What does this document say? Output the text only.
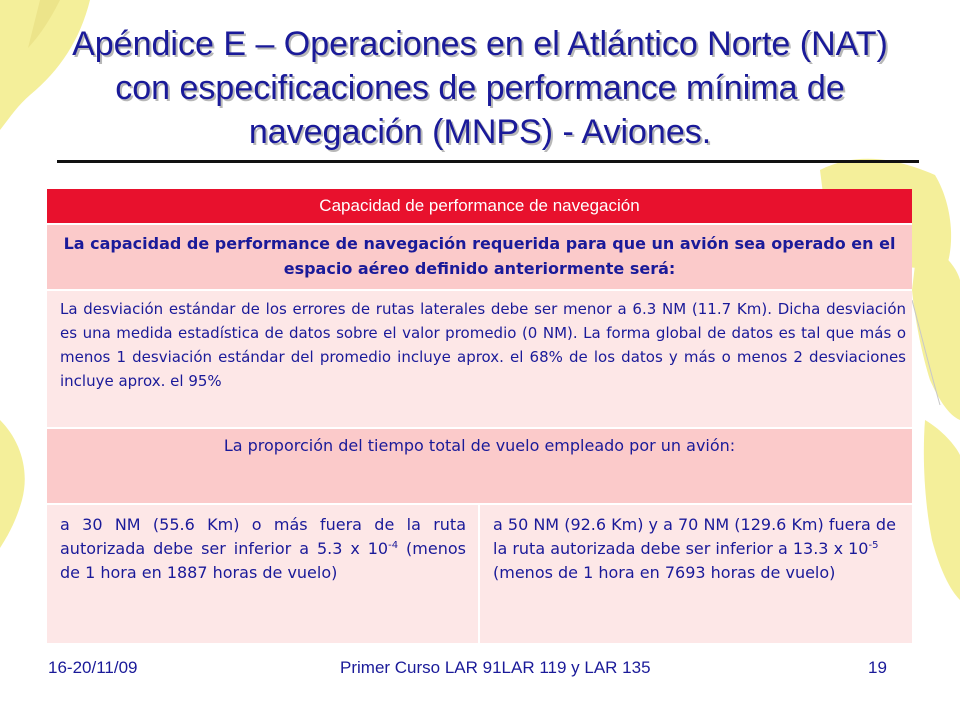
Apéndice E – Operaciones en el Atlántico Norte (NAT) con especificaciones de performance mínima de navegación (MNPS) - Aviones.
Capacidad de performance de navegación
La capacidad de performance de navegación requerida para que un avión sea operado en el espacio aéreo definido anteriormente será:
La desviación estándar de los errores de rutas laterales debe ser menor a 6.3 NM (11.7 Km). Dicha desviación es una medida estadística de datos sobre el valor promedio (0 NM). La forma global de datos es tal que más o menos 1 desviación estándar del promedio incluye aprox. el 68% de los datos y más o menos 2 desviaciones incluye aprox. el 95%
La proporción del tiempo total de vuelo empleado por un avión:
a 30 NM (55.6 Km) o más fuera de la ruta autorizada debe ser inferior a 5.3 x $10^{-4}$ (menos de 1 hora en 1887 horas de vuelo)
a 50 NM (92.6 Km) y a 70 NM (129.6 Km) fuera de la ruta autorizada debe ser inferior a 13.3 x $10^{-5}$ (menos de 1 hora en 7693 horas de vuelo)
16-20/11/09	Primer Curso LAR 91LAR 119 y LAR 135	19
